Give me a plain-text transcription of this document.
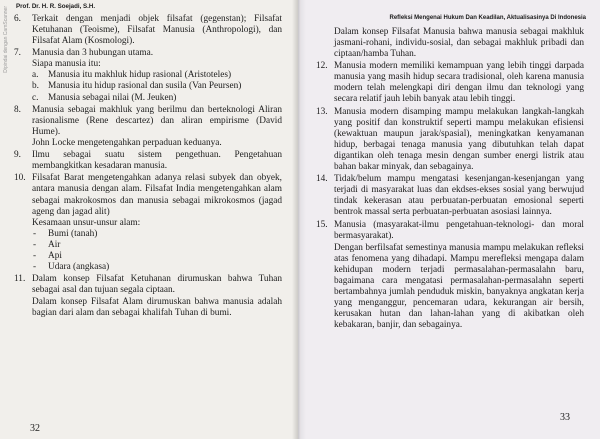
Prof. Dr. H. R. Soejadi, S.H.
Dipindai dengan CamScanner 6. Terkait dengan menjadi objek filsafat (gegenstan); Filsafat Ketuhanan (Teoisme), Filsafat Manusia (Anthropologi), dan Filsafat Alam (Kosmologi).
7. Manusia dan 3 hubungan utama.
Siapa manusia itu:
a. Manusia itu makhluk hidup rasional (Aristoteles)
b. Manusia itu hidup rasional dan susila (Van Peursen)
c. Manusia sebagai nilai (M. Jeuken)
8. Manusia sebagai makhluk yang berilmu dan berteknologi Aliran rasionalisme (Rene descartez) dan aliran empirisme (David Hume).
John Locke mengetengahkan perpaduan keduanya.
9. Ilmu sebagai suatu sistem pengethuan. Pengetahuan membangkitkan kesadaran manusia.
10. Filsafat Barat mengetengahkan adanya relasi subyek dan obyek, antara manusia dengan alam. Filsafat India mengetengahkan alam sebagai makrokosmos dan manusia sebagai mikrokosmos (jagad ageng dan jagad alit)
Kesamaan unsur-unsur alam:
- Bumi (tanah)
- Air
- Api
- Udara (angkasa)
11. Dalam konsep Filsafat Ketuhanan dirumuskan bahwa Tuhan sebagai asal dan tujuan segala ciptaan.
Dalam konsep Filsafat Alam dirumuskan bahwa manusia adalah bagian dari alam dan sebagai khalifah Tuhan di bumi.
32
Refleksi Mengenai Hukum Dan Keadilan, Aktualisasinya Di Indonesia
Dalam konsep Filsafat Manusia bahwa manusia sebagai makhluk jasmani-rohani, individu-sosial, dan sebagai makhluk pribadi dan ciptaan/hamba Tuhan.
12. Manusia modern memiliki kemampuan yang lebih tinggi darpada manusia yang masih hidup secara tradisional, oleh karena manusia modern telah melengkapi diri dengan ilmu dan teknologi yang secara relatif jauh lebih banyak atau lebih tinggi.
13. Manusia modern disamping mampu melakukan langkah-langkah yang positif dan konstruktif seperti mampu melakukan efisiensi (kewaktuan maupun jarak/spasial), meningkatkan kenyamanan hidup, berbagai tenaga manusia yang dibutuhkan telah dapat digantikan oleh tenaga mesin dengan sumber energi listrik atau bahan bakar minyak, dan sebagainya.
14. Tidak/belum mampu mengatasi kesenjangan-kesenjangan yang terjadi di masyarakat luas dan ekdses-ekses sosial yang berwujud tindak kekerasan atau perbuatan-perbuatan emosional seperti bentrok massal serta perbuatan-perbuatan asosiasi lainnya.
15. Manusia (masyarakat-ilmu pengetahuan-teknologi- dan moral bermasyarakat).
Dengan berfilsafat semestinya manusia mampu melakukan refleksi atas fenomena yang dihadapi. Mampu merefleksi mengapa dalam kehidupan modern terjadi permasalahan-permasalahn baru, bagaimana cara mengatasi permasalahan-permasalahn seperti bertambahnya jumlah penduduk miskin, banyaknya angkatan kerja yang menganggur, pencemaran udara, kekurangan air bersih, kerusakan hutan dan lahan-lahan yang di akibatkan oleh kebakaran, banjir, dan sebagainya.
33
